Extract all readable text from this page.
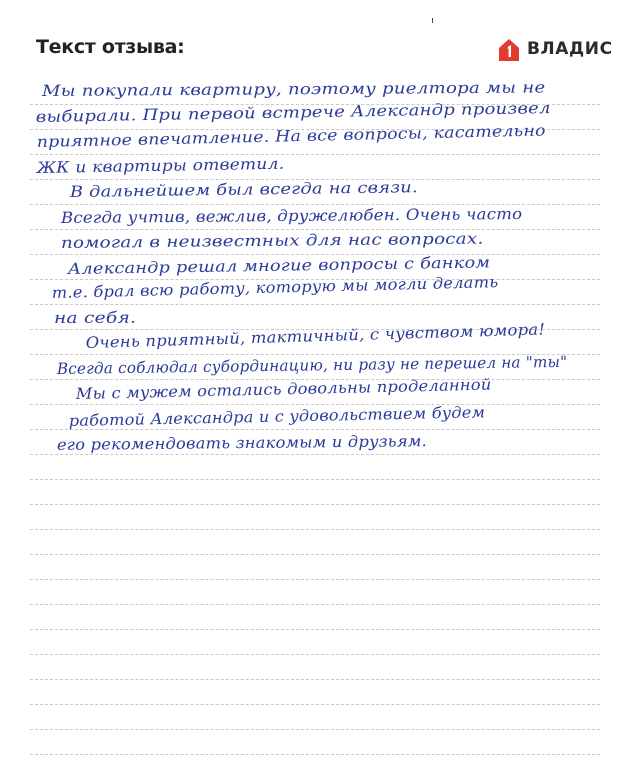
Текст отзыва:	ВЛАДИС
Мы покупали квартиру, поэтому риелтора мы не
выбирали. При первой встрече Александр произвел
приятное впечатление. На все вопросы, касательно
ЖК и квартиры ответил.
В дальнейшем был всегда на связи.
Всегда учтив, вежлив, дружелюбен. Очень часто
помогал в неизвестных для нас вопросах.
Александр решал многие вопросы с банком
т.е. брал всю работу, которую мы могли делать
на себя.
Очень приятный, тактичный, с чувством юмора!
Всегда соблюдал субординацию, ни разу не перешел на "ты"
Мы с мужем остались довольны проделанной
работой Александра и с удовольствием будем
его рекомендовать знакомым и друзьям.
